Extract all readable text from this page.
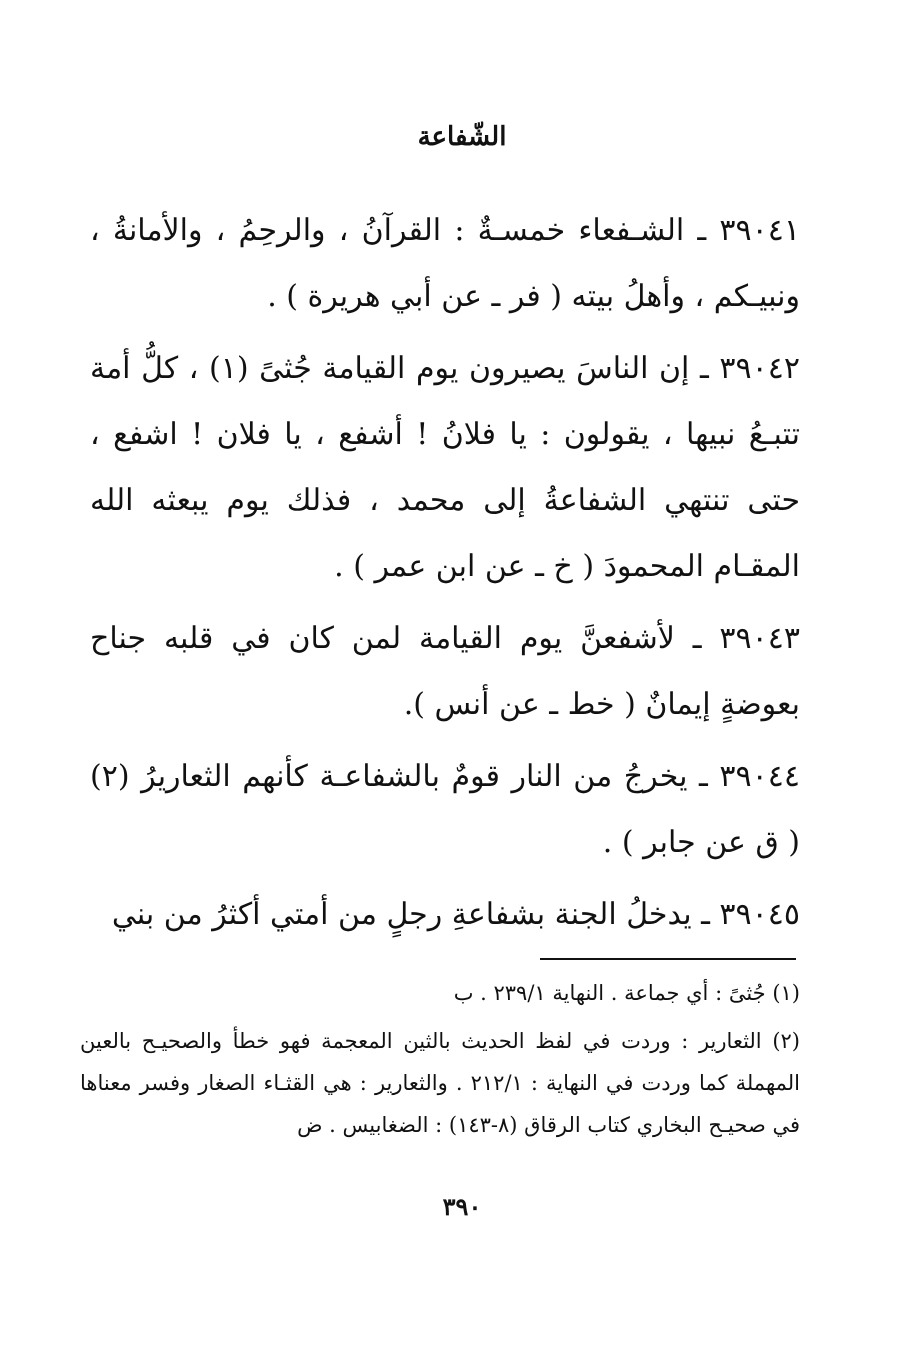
الشّفاعة

٣٩٠٤١ ـ الشـفعاء خمسـةٌ : القرآنُ ، والرحِمُ ، والأمانةُ ، ونبيـكم ، وأهلُ بيته ( فر ـ عن أبي هريرة ) .

٣٩٠٤٢ ـ إن الناسَ يصيرون يوم القيامة جُثىً (١) ، كلُّ أمة تتبـعُ نبيها ، يقولون : يا فلانُ ! أشفع ، يا فلان ! اشفع ، حتى تنتهي الشفاعةُ إلى محمد ، فذلك يوم يبعثه الله المقـام المحمودَ ( خ ـ عن ابن عمر ) .

٣٩٠٤٣ ـ لأشفعنَّ يوم القيامة لمن كان في قلبه جناح بعوضةٍ إيمانٌ ( خط ـ عن أنس ).

٣٩٠٤٤ ـ يخرجُ من النار قومٌ بالشفاعـة كأنهم الثعاريرُ (٢) ( ق عن جابر ) .

٣٩٠٤٥ ـ يدخلُ الجنة بشفاعةِ رجلٍ من أمتي أكثرُ من بني

(١) جُثىً : أي جماعة . النهاية ٢٣٩/١ . ب

(٢) الثعارير : وردت في لفظ الحديث بالثين المعجمة فهو خطأ والصحيـح بالعين المهملة كما وردت في النهاية : ٢١٢/١ . والثعارير : هي القثـاء الصغار وفسر معناها في صحيـح البخاري كتاب الرقاق (٨-١٤٣) : الضغابيس . ض

٣٩٠
